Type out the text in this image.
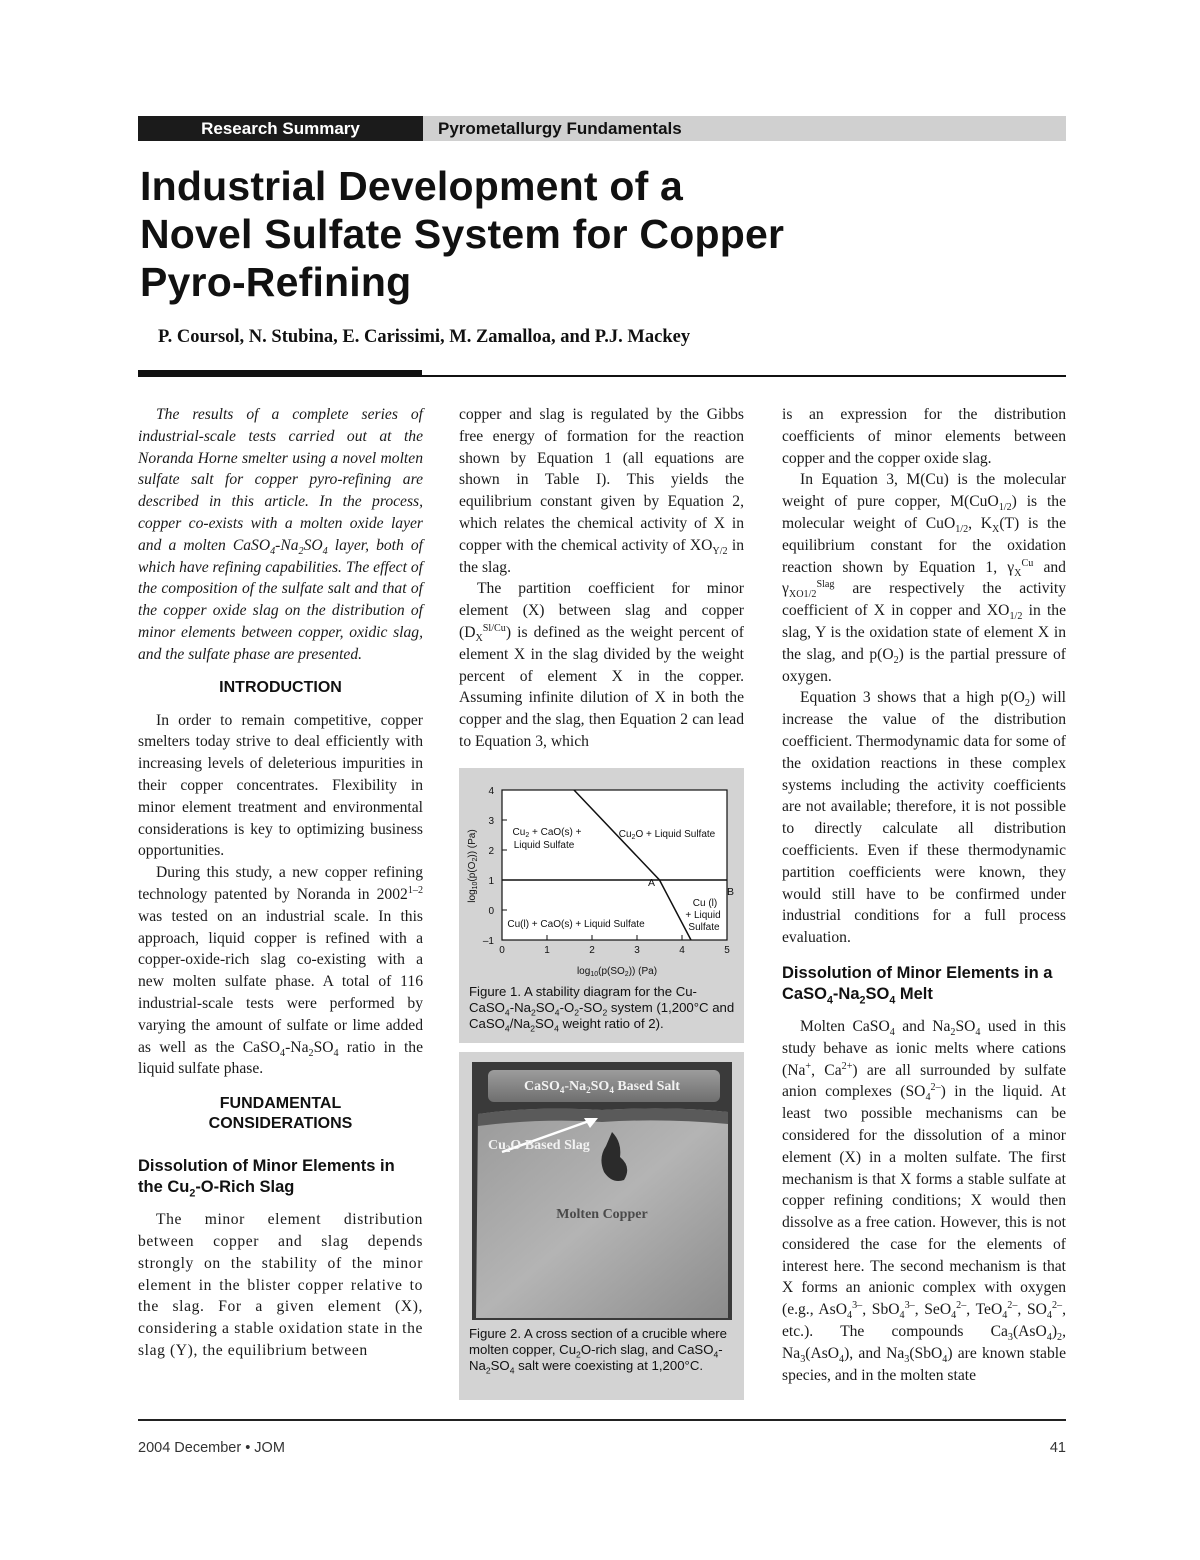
Research Summary	Pyrometallurgy Fundamentals
Industrial Development of a
Novel Sulfate System for Copper
Pyro-Refining
P. Coursol, N. Stubina, E. Carissimi, M. Zamalloa, and P.J. Mackey

The results of a complete series of industrial-scale tests carried out at the Noranda Horne smelter using a novel molten sulfate salt for copper pyro-refining are described in this article. In the process, copper co-exists with a molten oxide layer and a molten $CaSO_4-Na_2SO_4$ layer, both of which have refining capabilities. The effect of the composition of the sulfate salt and that of the copper oxide slag on the distribution of minor elements between copper, oxidic slag, and the sulfate phase are presented.

INTRODUCTION

In order to remain competitive, copper smelters today strive to deal efficiently with increasing levels of deleterious impurities in their copper concentrates. Flexibility in minor element treatment and environmental considerations is key to optimizing business opportunities.

During this study, a new copper refining technology patented by Noranda in 2002$^{1-2}$ was tested on an industrial scale. In this approach, liquid copper is refined with a copper-oxide-rich slag co-existing with a new molten sulfate phase. A total of 116 industrial-scale tests were performed by varying the amount of sulfate or lime added as well as the $CaSO_4-Na_2SO_4$ ratio in the liquid sulfate phase.

FUNDAMENTAL
CONSIDERATIONS
Dissolution of Minor Elements in the $Cu_2-O$-Rich Slag

The minor element distribution between copper and slag depends strongly on the stability of the minor element in the blister copper relative to the slag. For a given element (X), considering a stable oxidation state in the slag (Y), the equilibrium between

copper and slag is regulated by the Gibbs free energy of formation for the reaction shown by Equation 1 (all equations are shown in Table I). This yields the equilibrium constant given by Equation 2, which relates the chemical activity of X in copper with the chemical activity of $XO_{Y/2}$ in the slag.

The partition coefficient for minor element (X) between slag and copper $(D_X^{Sl/Cu})$ is defined as the weight percent of element X in the slag divided by the weight percent of element X in the copper. Assuming infinite dilution of X in both the copper and the slag, then Equation 2 can lead to Equation 3, which

0	1	2	3	4	5
–1
0
1
2
3
4
$\log_{10}(p(O_2))$ (Pa)
$\log_{10}(p(SO_2))$ (Pa)
$Cu_2 + CaO(s)$ +
Liquid Sulfate
$Cu_2O$ + Liquid Sulfate
Cu(l) + CaO(s) + Liquid Sulfate
Cu (l)
+ Liquid
Sulfate
A
B
Figure 1. A stability diagram for the $Cu-CaSO_4-Na_2SO_4-O_2-SO_2$ system (1,200°C and $CaSO_4/Na_2SO_4$ weight ratio of 2).
$CaSO_4-Na_2SO_4$ Based Salt
$Cu_2O$ Based Slag
Molten Copper
Figure 2. A cross section of a crucible where molten copper, $Cu_2O$-rich slag, and $CaSO_4-Na_2SO_4$ salt were coexisting at 1,200°C.

is an expression for the distribution coefficients of minor elements between copper and the copper oxide slag.

In Equation 3, M(Cu) is the molecular weight of pure copper, M(CuO$_{1/2}$) is the molecular weight of CuO$_{1/2}$, $K_X(T)$ is the equilibrium constant for the oxidation reaction shown by Equation 1, $\gamma_X^{Cu}$ and $\gamma_{XO1/2}^{Slag}$ are respectively the activity coefficient of X in copper and $XO_{1/2}$ in the slag, Y is the oxidation state of element X in the slag, and $p(O_2)$ is the partial pressure of oxygen.

Equation 3 shows that a high $p(O_2)$ will increase the value of the distribution coefficient. Thermodynamic data for some of the oxidation reactions in these complex systems including the activity coefficients are not available; therefore, it is not possible to directly calculate all distribution coefficients. Even if these thermodynamic partition coefficients were known, they would still have to be confirmed under industrial conditions for a full process evaluation.

Dissolution of Minor Elements in a $CaSO_4-Na_2SO_4$ Melt

Molten CaSO$_4$ and $Na_2SO_4$ used in this study behave as ionic melts where cations (Na+, $Ca^{2+}$) are all surrounded by sulfate anion complexes $(SO_4^{2-})$ in the liquid. At least two possible mechanisms can be considered for the dissolution of a minor element (X) in a molten sulfate. The first mechanism is that X forms a stable sulfate at copper refining conditions; X would then dissolve as a free cation. However, this is not considered the case for the elements of interest here. The second mechanism is that X forms an anionic complex with oxygen (e.g., AsO$_4^{3-}$, SbO$_4^{3-}$, SeO$_4^{2-}$, TeO$_4^{2-}$, $SO_4^{2-}$, etc.). The compounds $Ca_3(AsO_4)_2$, $Na_3(AsO_4)$, and $Na_3(SbO_4)$ are known stable species, and in the molten state

2004 December • JOM	41
